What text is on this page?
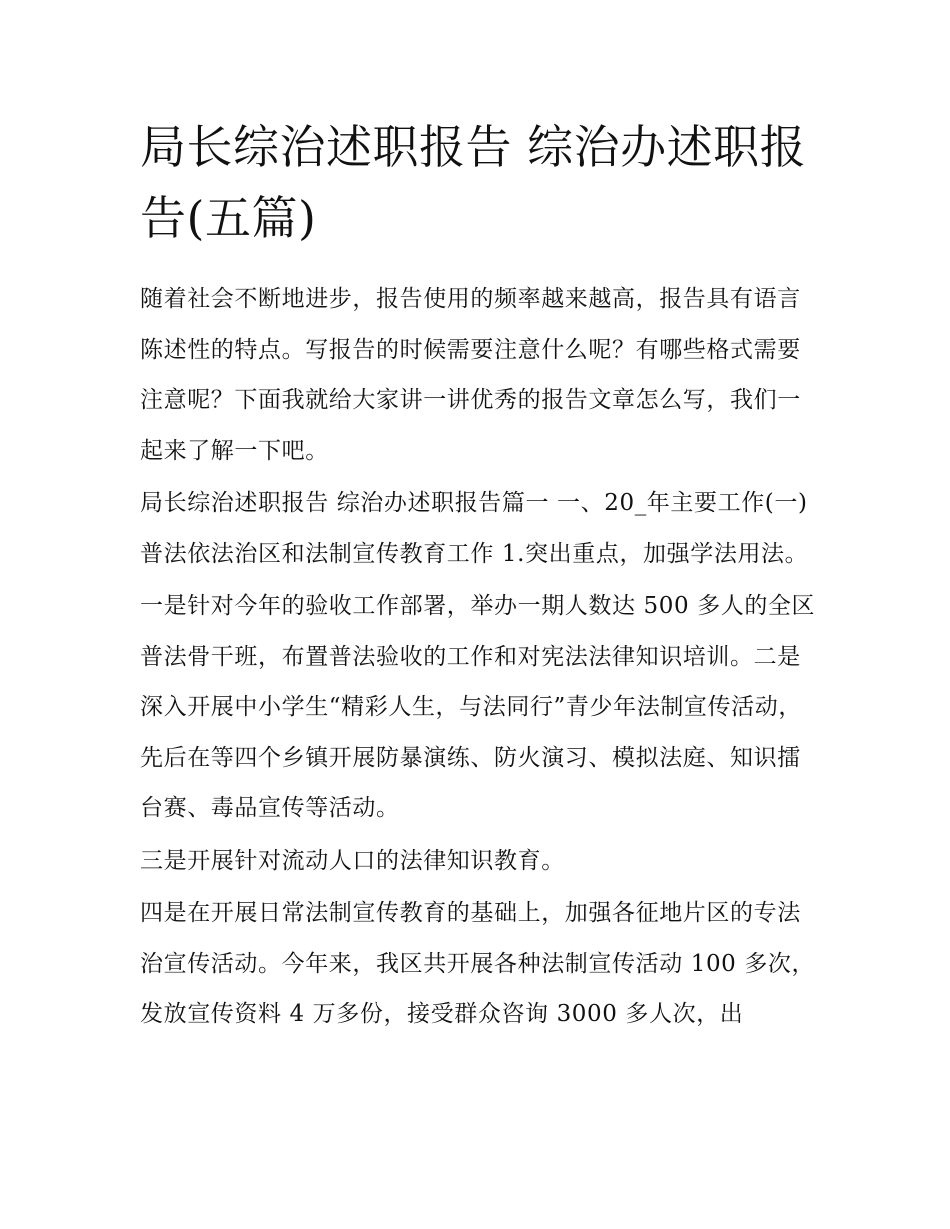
局长综治述职报告 综治办述职报告(五篇)

随着社会不断地进步，报告使用的频率越来越高，报告具有语言陈述性的特点。写报告的时候需要注意什么呢？有哪些格式需要注意呢？下面我就给大家讲一讲优秀的报告文章怎么写，我们一起来了解一下吧。

局长综治述职报告 综治办述职报告篇一 一、20_年主要工作(一)普法依法治区和法制宣传教育工作 1.突出重点，加强学法用法。

一是针对今年的验收工作部署，举办一期人数达 500 多人的全区普法骨干班，布置普法验收的工作和对宪法法律知识培训。二是深入开展中小学生“精彩人生，与法同行”青少年法制宣传活动，先后在等四个乡镇开展防暴演练、防火演习、模拟法庭、知识擂台赛、毒品宣传等活动。

三是开展针对流动人口的法律知识教育。

四是在开展日常法制宣传教育的基础上，加强各征地片区的专法治宣传活动。今年来，我区共开展各种法制宣传活动 100 多次，发放宣传资料 4 万多份，接受群众咨询 3000 多人次，出
